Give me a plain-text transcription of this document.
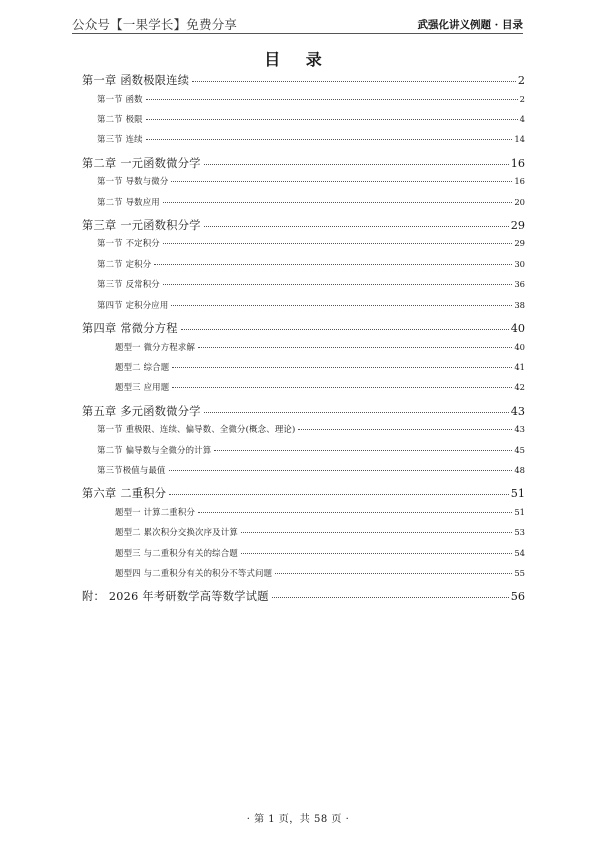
公众号【一果学长】免费分享	武强化讲义例题 · 目录
目 录
第一章 函数极限连续	2
第一节 函数	2
第二节 极限	4
第三节 连续	14
第二章 一元函数微分学	16
第一节 导数与微分	16
第二节 导数应用	20
第三章 一元函数积分学	29
第一节 不定积分	29
第二节 定积分	30
第三节 反常积分	36
第四节 定积分应用	38
第四章 常微分方程	40
题型一 微分方程求解	40
题型二 综合题	41
题型三 应用题	42
第五章 多元函数微分学	43
第一节 重极限、连续、偏导数、全微分(概念、理论)	43
第二节 偏导数与全微分的计算	45
第三节极值与最值	48
第六章 二重积分	51
题型一 计算二重积分	51
题型二 累次积分交换次序及计算	53
题型三 与二重积分有关的综合题	54
题型四 与二重积分有关的积分不等式问题	55
附： 2026 年考研数学高等数学试题	56
· 第 1 页，共 58 页 ·
